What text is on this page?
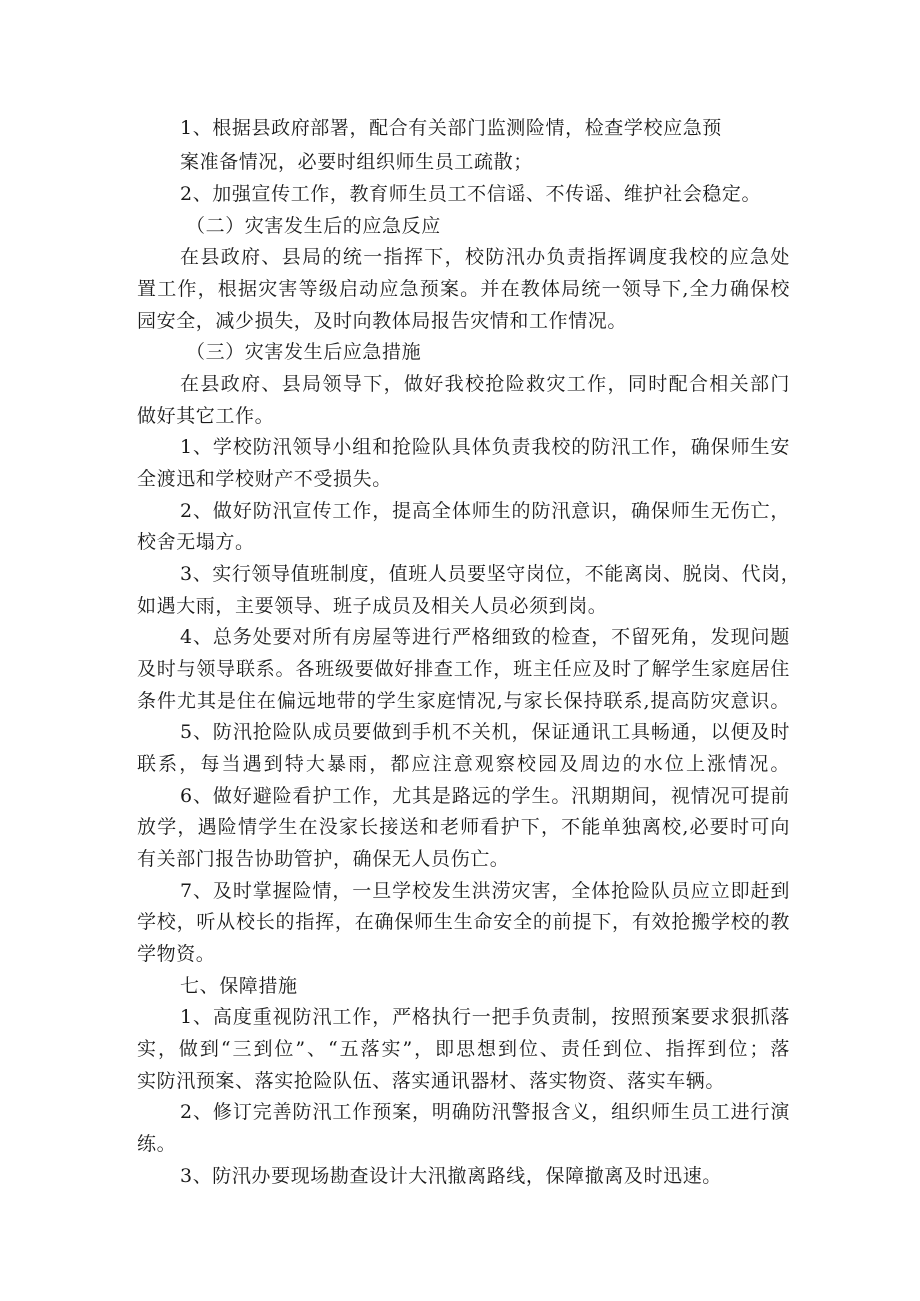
1、根据县政府部署，配合有关部门监测险情，检查学校应急预
案准备情况，必要时组织师生员工疏散；
2、加强宣传工作，教育师生员工不信谣、不传谣、维护社会稳定。
（二）灾害发生后的应急反应
在县政府、县局的统一指挥下，校防汛办负责指挥调度我校的应急处
置工作，根据灾害等级启动应急预案。并在教体局统一领导下,全力确保校
园安全，减少损失，及时向教体局报告灾情和工作情况。
（三）灾害发生后应急措施
在县政府、县局领导下，做好我校抢险救灾工作，同时配合相关部门
做好其它工作。
1、学校防汛领导小组和抢险队具体负责我校的防汛工作，确保师生安
全渡迅和学校财产不受损失。
2、做好防汛宣传工作，提高全体师生的防汛意识，确保师生无伤亡，
校舍无塌方。
3、实行领导值班制度，值班人员要坚守岗位，不能离岗、脱岗、代岗，
如遇大雨，主要领导、班子成员及相关人员必须到岗。
4、总务处要对所有房屋等进行严格细致的检查，不留死角，发现问题
及时与领导联系。各班级要做好排查工作，班主任应及时了解学生家庭居住
条件尤其是住在偏远地带的学生家庭情况,与家长保持联系,提高防灾意识。
5、防汛抢险队成员要做到手机不关机，保证通讯工具畅通，以便及时
联系，每当遇到特大暴雨，都应注意观察校园及周边的水位上涨情况。
6、做好避险看护工作，尤其是路远的学生。汛期期间，视情况可提前
放学，遇险情学生在没家长接送和老师看护下，不能单独离校,必要时可向
有关部门报告协助管护，确保无人员伤亡。
7、及时掌握险情，一旦学校发生洪涝灾害，全体抢险队员应立即赶到
学校，听从校长的指挥，在确保师生生命安全的前提下，有效抢搬学校的教
学物资。
七、保障措施
1、高度重视防汛工作，严格执行一把手负责制，按照预案要求狠抓落
实，做到“三到位”、“五落实”，即思想到位、责任到位、指挥到位；落
实防汛预案、落实抢险队伍、落实通讯器材、落实物资、落实车辆。
2、修订完善防汛工作预案，明确防汛警报含义，组织师生员工进行演
练。
3、防汛办要现场勘查设计大汛撤离路线，保障撤离及时迅速。
